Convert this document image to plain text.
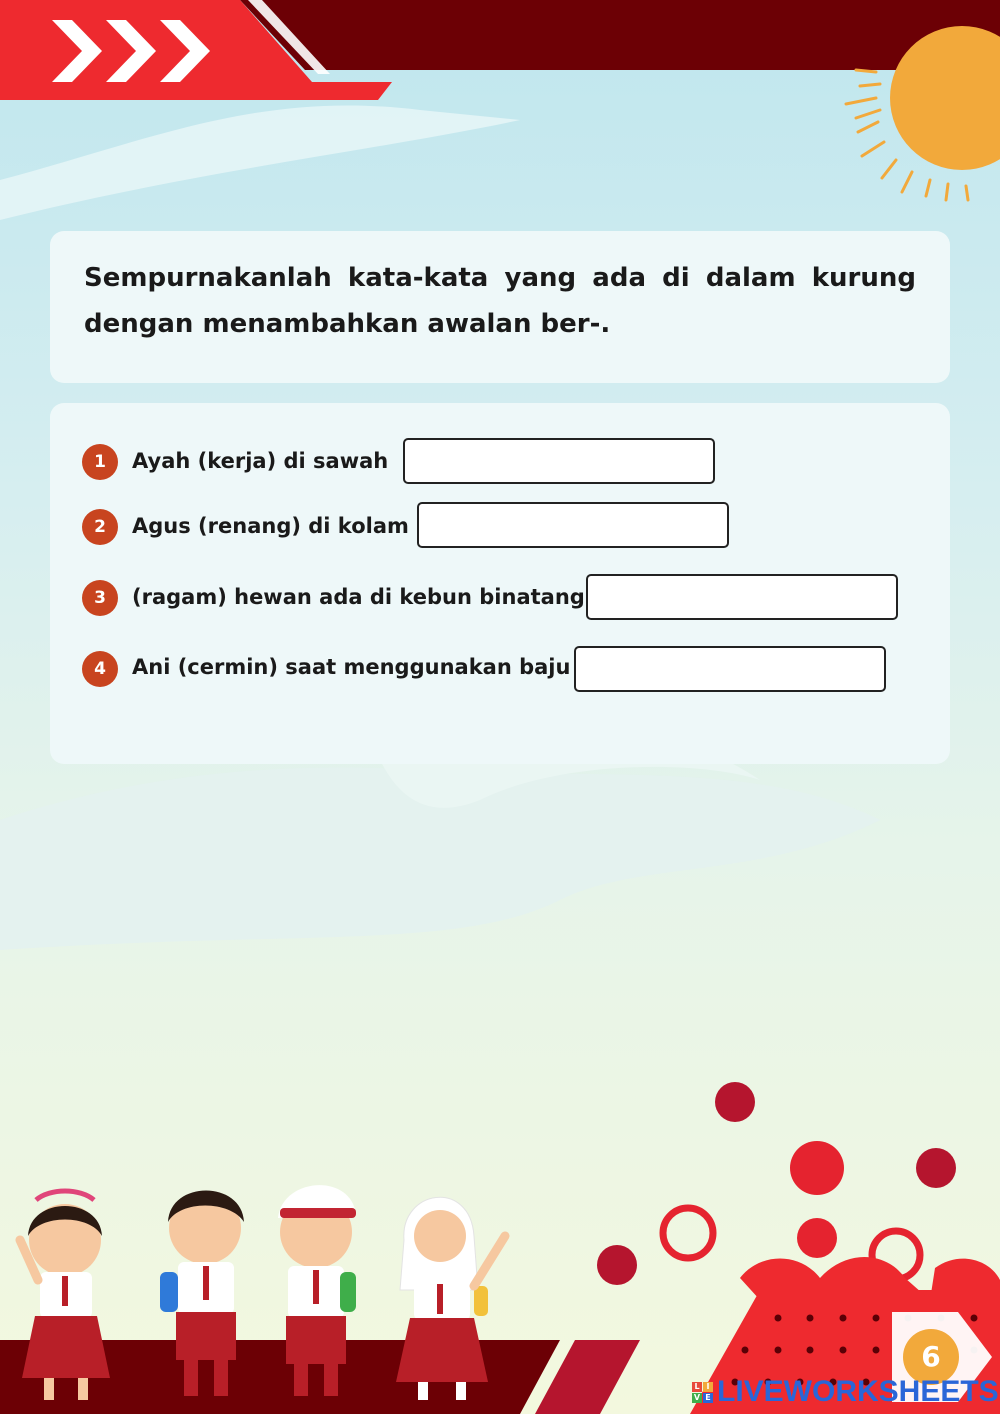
Sempurnakanlah kata-kata yang ada di dalam kurung dengan menambahkan awalan ber-.

1	Ayah (kerja) di sawah
2	Agus (renang) di kolam
3	(ragam) hewan ada di kebun binatang
4	Ani (cermin) saat menggunakan baju
6
L I
V E LIVEWORKSHEETS
